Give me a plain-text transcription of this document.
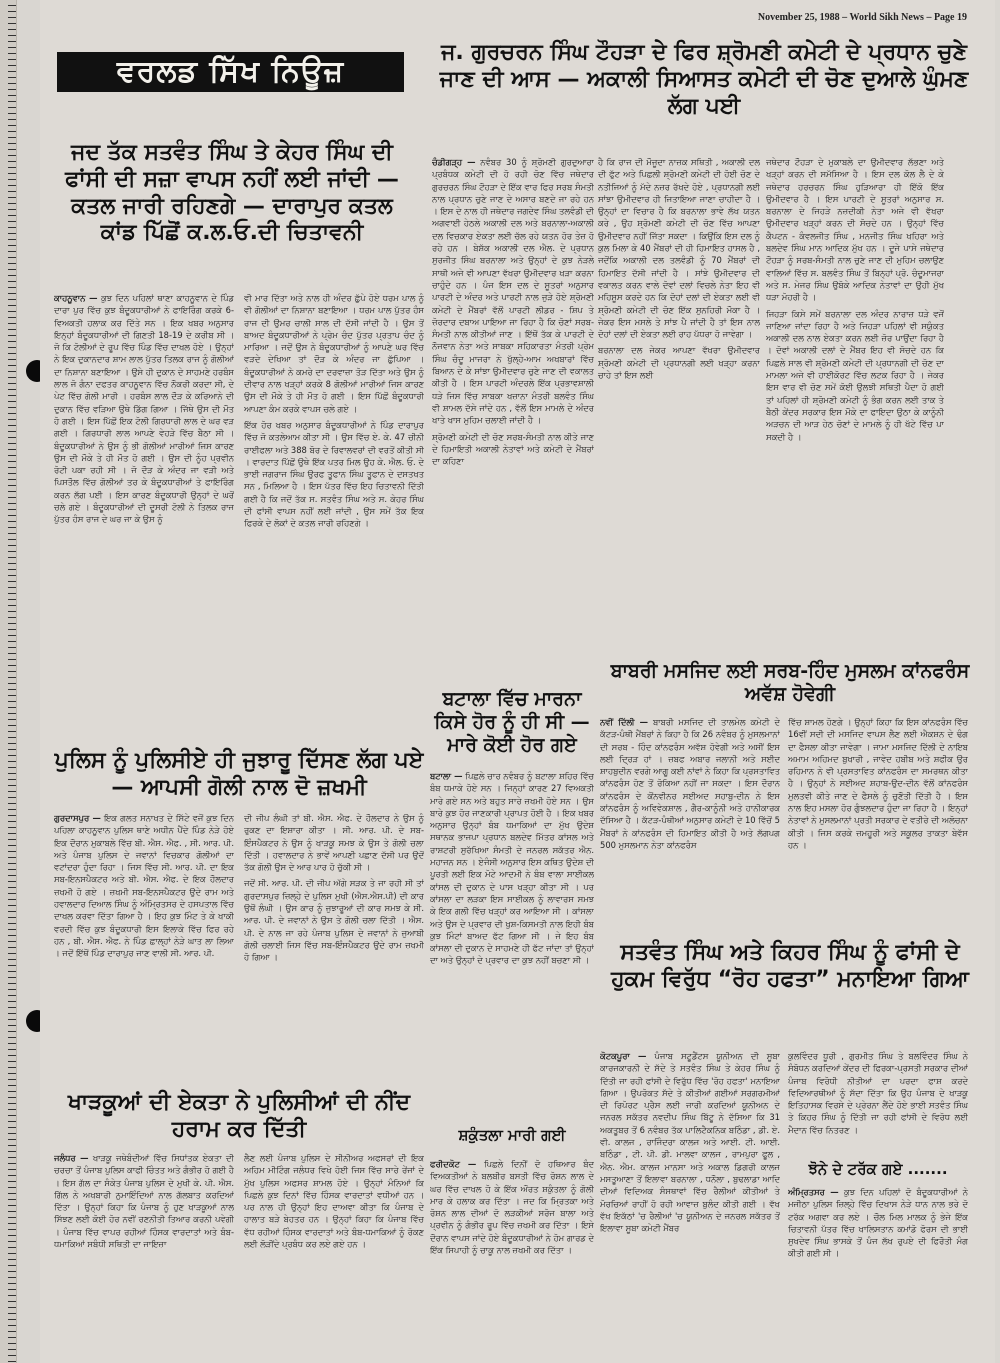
November 25, 1988 – World Sikh News – Page 19
ਵਰਲਡ ਸਿੱਖ ਨਿਊਜ਼
ਜਦ ਤੱਕ ਸਤਵੰਤ ਸਿੰਘ ਤੇ ਕੇਹਰ ਸਿੰਘ ਦੀ ਫਾਂਸੀ ਦੀ ਸਜ਼ਾ ਵਾਪਸ ਨਹੀਂ ਲਈ ਜਾਂਦੀ —ਕਤਲ ਜਾਰੀ ਰਹਿਣਗੇ — ਦਾਰਾਪੁਰ ਕਤਲ ਕਾਂਡ ਪਿੱਛੋਂ ਕ.ਲ.ਓ.ਦੀ ਚਿਤਾਵਨੀ

ਕਾਹਨੂਵਾਨ — ਕੁਝ ਦਿਨ ਪਹਿਲਾਂ ਥਾਣਾ ਕਾਹਨੂਵਾਨ ਦੇ ਪਿੰਡ ਦਾਰਾ ਪੁਰ ਵਿੱਚ ਕੁਝ ਬੰਦੂਕਧਾਰੀਆਂ ਨੇ ਫਾਇਰਿੰਗ ਕਰਕੇ 6-ਵਿਅਕਤੀ ਹਲਾਕ ਕਰ ਦਿੱਤੇ ਸਨ । ਇਕ ਖਬਰ ਅਨੁਸਾਰ ਇਨ੍ਹਾਂ ਬੰਦੂਕਧਾਰੀਆਂ ਦੀ ਗਿਣਤੀ 18-19 ਦੇ ਕਰੀਬ ਸੀ । ਜੋ ਕਿ ਟੋਲੀਆਂ ਦੇ ਰੂਪ ਵਿੱਚ ਪਿੰਡ ਵਿੱਚ ਦਾਖਲ ਹੋਏ । ਉਨ੍ਹਾਂ ਨੇ ਇਕ ਦੁਕਾਨਦਾਰ ਸ਼ਾਮ ਲਾਲ ਪੁੱਤਰ ਤਿਲਕ ਰਾਜ ਨੂੰ ਗੋਲੀਆਂ ਦਾ ਨਿਸ਼ਾਨਾ ਬਣਾਇਆ । ਉਸੇ ਹੀ ਦੁਕਾਨ ਦੇ ਸਾਹਮਣੇ ਹਰਬੰਸ ਲਾਲ ਜੋ ਗੰਨਾ ਦਫਤਰ ਕਾਹਨੂਵਾਨ ਵਿੱਚ ਨੌਕਰੀ ਕਰਦਾ ਸੀ, ਦੇ ਪੇਟ ਵਿੱਚ ਗੋਲੀ ਮਾਰੀ । ਹਰਬੰਸ ਲਾਲ ਦੌੜ ਕੇ ਕਰਿਆਨੇ ਦੀ ਦੁਕਾਨ ਵਿੱਚ ਵੜਿਆ ਉਥੇ ਡਿੱਗ ਗਿਆ । ਜਿੱਥੇ ਉਸ ਦੀ ਮੌਤ ਹੋ ਗਈ । ਇਸ ਪਿੱਛੋਂ ਇਕ ਟੋਲੀ ਗਿਰਧਾਰੀ ਲਾਲ ਦੇ ਘਰ ਵੜ ਗਈ । ਗਿਰਧਾਰੀ ਲਾਲ ਆਪਣੇ ਵੇਹੜੇ ਵਿੱਚ ਬੈਠਾ ਸੀ । ਬੰਦੂਕਧਾਰੀਆਂ ਨੇ ਉਸ ਨੂੰ ਭੀ ਗੋਲੀਆਂ ਮਾਰੀਆਂ ਜਿਸ ਕਾਰਣ ਉਸ ਦੀ ਮੌਕੇ ਤੇ ਹੀ ਮੌਤ ਹੋ ਗਈ । ਉਸ ਦੀ ਨੂੰਹ ਪ੍ਰਵੀਨ ਰੋਟੀ ਪਕਾ ਰਹੀ ਸੀ । ਜੋ ਦੌੜ ਕੇ ਅੰਦਰ ਜਾ ਵੜੀ ਅਤੇ ਪਿਸਤੌਲ ਵਿੱਚ ਗੋਲੀਆਂ ਤਰ ਕੇ ਬੰਦੂਕਧਾਰੀਆਂ ਤੇ ਫਾਇਰਿੰਗ ਕਰਨ ਲੱਗ ਪਈ । ਇਸ ਕਾਰਣ ਬੰਦੂਕਧਾਰੀ ਉਨ੍ਹਾਂ ਦੇ ਘਰੋਂ ਚਲੇ ਗਏ । ਬੰਦੂਕਧਾਰੀਆਂ ਦੀ ਦੂਸਰੀ ਟੋਲੀ ਨੇ ਤਿਲਕ ਰਾਜ ਪੁੱਤਰ ਹੰਸ ਰਾਜ ਦੇ ਘਰ ਜਾ ਕੇ ਉਸ ਨੂੰ

ਵੀ ਮਾਰ ਦਿੱਤਾ ਅਤੇ ਨਾਲ ਹੀ ਅੰਦਰ ਛੁੱਪੇ ਹੋਏ ਧਰਮ ਪਾਲ ਨੂੰ ਵੀ ਗੋਲੀਆਂ ਦਾ ਨਿਸ਼ਾਨਾ ਬਣਾਇਆ । ਧਰਮ ਪਾਲ ਪੁੱਤਰ ਹੰਸ ਰਾਜ ਦੀ ਉਮਰ ਚਾਲੀ ਸਾਲ ਦੀ ਦੱਸੀ ਜਾਂਦੀ ਹੈ । ਉਸ ਤੋਂ ਬਾਅਦ ਬੰਦੂਕਧਾਰੀਆਂ ਨੇ ਪ੍ਰੇਮ ਚੰਦ ਪੁੱਤਰ ਪ੍ਰਤਾਪ ਚੰਦ ਨੂੰ ਮਾਰਿਆ । ਜਦੋਂ ਉਸ ਨੇ ਬੰਦੂਕਧਾਰੀਆਂ ਨੂੰ ਆਪਣੇ ਘਰ ਵਿੱਚ ਵੜਦੇ ਦੇਖਿਆ ਤਾਂ ਦੌੜ ਕੇ ਅੰਦਰ ਜਾ ਛੁੱਪਿਆ । ਬੰਦੂਕਧਾਰੀਆਂ ਨੇ ਕਮਰੇ ਦਾ ਦਰਵਾਜ਼ਾ ਤੋੜ ਦਿੱਤਾ ਅਤੇ ਉਸ ਨੂੰ ਦੀਵਾਰ ਨਾਲ ਖੜ੍ਹਾਂ ਕਰਕੇ 8 ਗੋਲੀਆਂ ਮਾਰੀਆਂ ਜਿਸ ਕਾਰਣ ਉਸ ਦੀ ਮੌਕੇ ਤੇ ਹੀ ਮੌਤ ਹੋ ਗਈ । ਇਸ ਪਿੱਛੋਂ ਬੰਦੂਕਧਾਰੀ ਆਪਣਾ ਕੰਮ ਕਰਕੇ ਵਾਪਸ ਚਲੇ ਗਏ ।

ਇੱਕ ਹੋਰ ਖਬਰ ਅਨੁਸਾਰ ਬੰਦੂਕਧਾਰੀਆਂ ਨੇ ਪਿੰਡ ਦਾਰਾਪੁਰ ਵਿੱਚ ਜੋ ਕਤਲੇਆਮ ਕੀਤਾ ਸੀ । ਉਸ ਵਿੱਚ ਏ. ਕੇ. 47 ਚੀਨੀ ਰਾਈਫਲਾ ਅਤੇ 388 ਬੋਰ ਦੇ ਰਿਵਾਲਵਰਾਂ ਦੀ ਵਰਤੋਂ ਕੀਤੀ ਸੀ । ਵਾਰਦਾਤ ਪਿੱਛੋਂ ਉਥੇ ਇੱਕ ਪਤਰ ਮਿਲ ਉਹ ਕੇ. ਐਲ. ਓ. ਦੇ ਭਾਈ ਜਗਰਾਜ ਸਿੰਘ ਉਰਫ ਤੂਫਾਨ ਸਿੰਘ ਤੂਫਾਨ ਦੇ ਦਸਤਖਤ ਸਨ , ਮਿਲਿਆ ਹੈ । ਇਸ ਪੱਤਰ ਵਿੱਚ ਇਹ ਚਿਤਾਵਨੀ ਦਿੱਤੀ ਗਈ ਹੈ ਕਿ ਜਦੋਂ ਤੱਕ ਸ. ਸਤਵੰਤ ਸਿੰਘ ਅਤੇ ਸ. ਕੇਹਰ ਸਿੰਘ ਦੀ ਫਾਂਸੀ ਵਾਪਸ ਨਹੀਂ ਲਈ ਜਾਂਦੀ , ਉਸ ਸਮੇਂ ਤੱਕ ਇਕ ਫਿਰਕੇ ਦੇ ਲੋਕਾਂ ਦੇ ਕਤਲ ਜਾਰੀ ਰਹਿਣਗੇ ।

ਪੁਲਿਸ ਨੂੰ ਪੁਲਿਸੀਏ ਹੀ ਜੁਝਾਰੂ ਦਿੱਸਣ ਲੱਗ ਪਏ — ਆਪਸੀ ਗੋਲੀ ਨਾਲ ਦੋ ਜ਼ਖਮੀ

ਗੁਰਦਾਸਪੁਰ — ਇਕ ਗਲਤ ਸਨਾਖਤ ਦੇ ਸਿੱਟੇ ਵਜੋਂ ਕੁਝ ਦਿਨ ਪਹਿਲਾ ਕਾਹਨੂਵਾਨ ਪੁਲਿਸ ਥਾਣੇ ਅਧੀਨ ਪੈਂਦੇ ਪਿੰਡ ਨੇੜੇ ਹੋਏ ਇਕ ਦੌਰਾਨ ਮੁਕਾਬਲੇ ਵਿੱਚ ਬੀ. ਐਸ. ਐਫ. , ਸੀ. ਆਰ. ਪੀ. ਅਤੇ ਪੰਜਾਬ ਪੁਲਿਸ ਦੇ ਜਵਾਨਾਂ ਵਿਚਕਾਰ ਗੋਲੀਆਂ ਦਾ ਵਟਾਂਦਰਾ ਹੁੰਦਾ ਰਿਹਾ । ਜਿਸ ਵਿੱਚ ਸੀ. ਆਰ. ਪੀ. ਦਾ ਇਕ ਸਬ-ਇਨਸਪੈਕਟਰ ਅਤੇ ਬੀ. ਐਸ. ਐਫ. ਦੇ ਇਕ ਹੌਲਦਾਰ ਜ਼ਖਮੀ ਹੋ ਗਏ । ਜ਼ਖਮੀ ਸਬ-ਇਨਸਪੈਕਟਰ ਉਦੇ ਰਾਮ ਅਤੇ ਹਵਾਲਦਾਰ ਦਿਆਲ ਸਿੰਘ ਨੂੰ ਅੰਮ੍ਰਿਤਸਰ ਦੇ ਹਸਪਤਾਲ ਵਿੱਚ ਦਾਖਲ ਕਰਵਾ ਦਿੱਤਾ ਗਿਆ ਹੈ । ਇਹ ਕੁਝ ਮਿੰਟ ਤੇ ਕੇ ਖਾਕੀ ਵਰਦੀ ਵਿੱਚ ਕੁਝ ਬੰਦੂਕਧਾਰੀ ਇਸ ਇਲਾਕੇ ਵਿੱਚ ਫਿਰ ਰਹੇ ਹਨ , ਬੀ. ਐਸ. ਐਫ. ਨੇ ਪਿੰਡ ਛਾਲ੍ਹਾਂ ਨੇੜੇ ਘਾਤ ਲਾ ਲਿਆ । ਜਦੋਂ ਇੱਥੋਂ ਪਿੰਡ ਦਾਰਾਪੁਰ ਜਾਣ ਵਾਲੀ ਸੀ. ਆਰ. ਪੀ.

ਦੀ ਜੀਪ ਲੰਘੀ ਤਾਂ ਬੀ. ਐਸ. ਐਫ. ਦੇ ਹੌਲਦਾਰ ਨੇ ਉਸ ਨੂੰ ਰੁਕਣ ਦਾ ਇਸ਼ਾਰਾ ਕੀਤਾ । ਸੀ. ਆਰ. ਪੀ. ਦੇ ਸਬ-ਇੰਸਪੈਕਟਰ ਨੇ ਉਸ ਨੂੰ ਖਾੜਕੂ ਸਮਝ ਕੇ ਉਸ ਤੇ ਗੋਲੀ ਚਲਾ ਦਿੱਤੀ । ਹਵਾਲਦਾਰ ਨੇ ਭਾਵੇਂ ਆਪਣੀ ਪਛਾਣ ਦੱਸੀ ਪਰ ਉਦੋਂ ਤੱਕ ਗੋਲੀ ਉਸ ਦੇ ਆਰ ਪਾਰ ਹੋ ਚੁੱਕੀ ਸੀ ।

ਜਦੋਂ ਸੀ. ਆਰ. ਪੀ. ਦੀ ਜੀਪ ਅੱਗੇ ਸੜਕ ਤੇ ਜਾ ਰਹੀ ਸੀ ਤਾਂ ਗੁਰਦਾਸਪੁਰ ਜ਼ਿਲ੍ਹੇ ਦੇ ਪੁਲਿਸ ਮੁਖੀ (ਐਸ.ਐਸ.ਪੀ) ਦੀ ਕਾਰ ਉਥੋਂ ਲੰਘੀ । ਉਸ ਕਾਰ ਨੂੰ ਜੁਝਾਰੂਆਂ ਦੀ ਕਾਰ ਸਮਝ ਕੇ ਸੀ. ਆਰ. ਪੀ. ਦੇ ਜਵਾਨਾਂ ਨੇ ਉਸ ਤੇ ਗੋਲੀ ਚਲਾ ਦਿੱਤੀ । ਐਸ. ਪੀ. ਦੇ ਨਾਲ ਜਾ ਰਹੇ ਪੰਜਾਬ ਪੁਲਿਸ ਦੇ ਜਵਾਨਾਂ ਨੇ ਜੁਆਬੀ ਗੋਲੀ ਚਲਾਈ ਜਿਸ ਵਿੱਚ ਸਬ-ਇੰਸਪੈਕਟਰ ਉਦੇ ਰਾਮ ਜ਼ਖਮੀ ਹੋ ਗਿਆ ।

ਖਾੜਕੂਆਂ ਦੀ ਏਕਤਾ ਨੇ ਪੁਲਿਸੀਆਂ ਦੀ ਨੀਂਦ ਹਰਾਮ ਕਰ ਦਿੱਤੀ

ਜਲੰਧਰ — ਖਾੜਕੂ ਜਥੇਬੰਦੀਆਂ ਵਿੱਚ ਸਿਧਾਂਤਕ ਏਕਤਾ ਦੀ ਚਰਚਾ ਤੋਂ ਪੰਜਾਬ ਪੁਲਿਸ ਕਾਫੀ ਚਿੰਤਤ ਅਤੇ ਗੰਭੀਰ ਹੋ ਗਈ ਹੈ । ਇਸ ਗੱਲ ਦਾ ਸੰਕੇਤ ਪੰਜਾਬ ਪੁਲਿਸ ਦੇ ਮੁਖੀ ਕੇ. ਪੀ. ਐਸ. ਗਿੱਲ ਨੇ ਅਖਬਾਰੀ ਨੁਮਾਇੰਦਿਆਂ ਨਾਲ ਗੱਲਬਾਤ ਕਰਦਿਆਂ ਦਿੱਤਾ । ਉਨ੍ਹਾਂ ਕਿਹਾ ਕਿ ਪੰਜਾਬ ਨੂੰ ਹੁਣ ਖਾੜਕੂਆਂ ਨਾਲ ਸਿੱਝਣ ਲਈ ਕੋਈ ਹੋਰ ਨਵੀਂ ਰਣਨੀਤੀ ਤਿਆਰ ਕਰਨੀ ਪਵੇਗੀ । ਪੰਜਾਬ ਵਿੱਚ ਵਾਪਰ ਰਹੀਆਂ ਹਿੰਸਕ ਵਾਰਦਾਤਾਂ ਅਤੇ ਬੰਬ-ਧਮਾਕਿਆਂ ਸਬੰਧੀ ਸਥਿਤੀ ਦਾ ਜਾਇਜ਼ਾ

ਲੈਣ ਲਈ ਪੰਜਾਬ ਪੁਲਿਸ ਦੇ ਸੀਨੀਅਰ ਅਫਸਰਾਂ ਦੀ ਇਕ ਅਹਿਮ ਮੀਟਿੰਗ ਜਲੰਧਰ ਵਿਖੇ ਹੋਈ ਜਿਸ ਵਿੱਚ ਸਾਰੇ ਰੇਂਜਾਂ ਦੇ ਮੁੱਖ ਪੁਲਿਸ ਅਫਸਰ ਸ਼ਾਮਲ ਹੋਏ । ਉਨ੍ਹਾਂ ਮੰਨਿਆਂ ਕਿ ਪਿਛਲੇ ਕੁਝ ਦਿਨਾਂ ਵਿੱਚ ਹਿੰਸਕ ਵਾਰਦਾਤਾਂ ਵਧੀਆਂ ਹਨ । ਪਰ ਨਾਲ ਹੀ ਉਨ੍ਹਾਂ ਇਹ ਦਾਅਵਾ ਕੀਤਾ ਕਿ ਪੰਜਾਬ ਦੇ ਹਾਲਾਤ ਬੜੇ ਬੇਹਤਰ ਹਨ । ਉਨ੍ਹਾਂ ਕਿਹਾ ਕਿ ਪੰਜਾਬ ਵਿੱਚ ਵੱਧ ਰਹੀਆਂ ਹਿੰਸਕ ਵਾਰਦਾਤਾਂ ਅਤੇ ਬੰਬ-ਧਮਾਕਿਆਂ ਨੂੰ ਰੋਕਣ ਲਈ ਲੋੜੀਂਦੇ ਪ੍ਰਬੰਧ ਕਰ ਲਏ ਗਏ ਹਨ ।

ਜ. ਗੁਰਚਰਨ ਸਿੰਘ ਟੌਹੜਾ ਦੇ ਫਿਰ ਸ਼੍ਰੋਮਣੀ ਕਮੇਟੀ ਦੇ ਪ੍ਰਧਾਨ ਚੁਣੇ ਜਾਣ ਦੀ ਆਸ — ਅਕਾਲੀ ਸਿਆਸਤ ਕਮੇਟੀ ਦੀ ਚੋਣ ਦੁਆਲੇ ਘੁੰਮਣ ਲੱਗ ਪਈ

ਚੰਡੀਗੜ੍ਹ — ਨਵੰਬਰ 30 ਨੂੰ ਸ਼੍ਰੋਮਣੀ ਗੁਰਦੁਆਰਾ ਪ੍ਰਬੰਧਕ ਕਮੇਟੀ ਦੀ ਹੋ ਰਹੀ ਚੋਣ ਵਿੱਚ ਜਥੇਦਾਰ ਗੁਰਚਰਨ ਸਿੰਘ ਟੌਹੜਾ ਦੇ ਇੱਕ ਵਾਰ ਫਿਰ ਸਰਬ ਸੰਮਤੀ ਨਾਲ ਪ੍ਰਧਾਨ ਚੁਣੇ ਜਾਣ ਦੇ ਅਸਾਰ ਬਣਦੇ ਜਾ ਰਹੇ ਹਨ । ਇਸ ਦੇ ਨਾਲ ਹੀ ਜਥੇਦਾਰ ਜਗਦੇਵ ਸਿੰਘ ਤਲਵੰਡੀ ਦੀ ਅਗਵਾਈ ਹੇਠਲੇ ਅਕਾਲੀ ਦਲ ਅਤੇ ਬਰਨਾਲਾ-ਅਕਾਲੀ ਦਲ ਵਿਚਕਾਰ ਏਕਤਾ ਲਈ ਚੱਲ ਰਹੇ ਯਤਨ ਹੋਰ ਤੇਜ਼ ਹੋ ਰਹੇ ਹਨ । ਬੇਸ਼ੱਕ ਅਕਾਲੀ ਦਲ ਐਲ. ਦੇ ਪ੍ਰਧਾਨ ਸੁਰਜੀਤ ਸਿੰਘ ਬਰਨਾਲਾ ਅਤੇ ਉਨ੍ਹਾਂ ਦੇ ਕੁਝ ਨੇੜਲੇ ਸਾਥੀ ਅਜੇ ਵੀ ਆਪਣਾ ਵੱਖਰਾ ਉਮੀਦਵਾਰ ਖੜਾ ਕਰਨਾ ਚਾਹੁੰਦੇ ਹਨ । ਪੰਜ ਇਸ ਦਲ ਦੇ ਸੂਤਰਾਂ ਅਨੁਸਾਰ ਪਾਰਟੀ ਦੇ ਅੰਦਰ ਅਤੇ ਪਾਰਟੀ ਨਾਲ ਜੁੜੇ ਹੋਏ ਸ਼੍ਰੋਮਣੀ ਕਮੇਟੀ ਦੇ ਮੈਂਬਰਾਂ ਵੱਲੋਂ ਪਾਰਟੀ ਲੀਡਰ - ਸ਼ਿਪ ਤੇ ਜ਼ੋਰਦਾਰ ਦਬਾਅ ਪਾਇਆ ਜਾ ਰਿਹਾ ਹੈ ਕਿ ਚੋਣਾਂ ਸਰਬ-ਸੰਮਤੀ ਨਾਲ ਕੀਤੀਆਂ ਜਾਣ । ਇੱਥੋਂ ਤੱਕ ਕੇ ਪਾਰਟੀ ਦੇ ਨੌਜਵਾਨ ਨੇਤਾ ਅਤੇ ਸਾਬਕਾ ਸਹਿਕਾਰਤਾ ਮੰਤਰੀ ਪ੍ਰੇਮ ਸਿੰਘ ਚੰਦੂ ਮਾਜਰਾ ਨੇ ਖੁੱਲ੍ਹੇ-ਆਮ ਅਖਬਾਰਾਂ ਵਿੱਚ ਬਿਆਨ ਦੇ ਕੇ ਸਾਂਝਾ ਉਮੀਦਵਾਰ ਚੁਣੇ ਜਾਣ ਦੀ ਵਕਾਲਤ ਕੀਤੀ ਹੈ । ਇਸ ਪਾਰਟੀ ਅੰਦਰਲੇ ਇੱਕ ਪ੍ਰਭਾਵਸ਼ਾਲੀ ਧੜੇ ਜਿਸ ਵਿੱਚ ਸਾਬਕਾ ਖਜ਼ਾਨਾ ਮੰਤਰੀ ਬਲਵੰਤ ਸਿੰਘ ਵੀ ਸ਼ਾਮਲ ਦੱਸੇ ਜਾਂਦੇ ਹਨ , ਵੱਲੋਂ ਇਸ ਮਾਮਲੇ ਦੇ ਅੰਦਰ ਖਾਤੇ ਖਾਸ ਮੁਹਿਮ ਚਲਾਈ ਜਾਂਦੀ ਹੈ ।

ਸ਼੍ਰੋਮਣੀ ਕਮੇਟੀ ਦੀ ਚੋਣ ਸਰਬ-ਸੰਮਤੀ ਨਾਲ ਕੀਤੇ ਜਾਣ ਦੇ ਹਿਮਾਇਤੀ ਅਕਾਲੀ ਨੇਤਾਵਾਂ ਅਤੇ ਕਮੇਟੀ ਦੇ ਮੈਂਬਰਾਂ ਦਾ ਕਹਿਣਾ

ਹੈ ਕਿ ਰਾਜ ਦੀ ਮੌਜੂਦਾ ਨਾਜ਼ਕ ਸਥਿਤੀ , ਅਕਾਲੀ ਦਲ ਦੀ ਫੁੱਟ ਅਤੇ ਪਿਛਲੀ ਸ਼੍ਰੋਮਣੀ ਕਮੇਟੀ ਦੀ ਹੋਈ ਚੋਣ ਦੇ ਨਤੀਜਿਆਂ ਨੂੰ ਮੱਦੇ ਨਜ਼ਰ ਰੱਖਦੇ ਹੋਏ , ਪ੍ਰਧਾਨਗੀ ਲਈ ਸਾਂਝਾ ਉਮੀਦਵਾਰ ਹੀ ਜਿਤਾਇਆ ਜਾਣਾ ਚਾਹੀਦਾ ਹੈ । ਉਨ੍ਹਾਂ ਦਾ ਵਿਚਾਰ ਹੈ ਕਿ ਬਰਨਾਲਾ ਭਾਵੇ ਲੱਖ ਯਤਨ ਕਰੇ , ਉਹ ਸ਼੍ਰੋਮਣੀ ਕਮੇਟੀ ਦੀ ਚੋਣ ਵਿੱਚ ਆਪਣਾ ਉਮੀਦਵਾਰ ਨਹੀਂ ਜਿੱਤਾ ਸਕਦਾ । ਕਿਉਂਕਿ ਇਸ ਦਲ ਨੂੰ ਕੁਲ ਮਿਲਾ ਕੇ 40 ਮੈਂਬਰਾਂ ਦੀ ਹੀ ਹਿਮਾਇਤ ਹਾਸਲ ਹੈ , ਜਦੋਂਕਿ ਅਕਾਲੀ ਦਲ ਤਲਵੰਡੀ ਨੂੰ 70 ਮੈਂਬਰਾਂ ਦੀ ਹਿਮਾਇਤ ਦੱਸੀ ਜਾਂਦੀ ਹੈ । ਸਾਂਝੇ ਉਮੀਦਵਾਰ ਦੀ ਵਕਾਲਤ ਕਰਨ ਵਾਲੇ ਦੋਵਾਂ ਦਲਾਂ ਵਿਚਲੇ ਨੇਤਾ ਇਹ ਵੀ ਮਹਿਸੂਸ ਕਰਦੇ ਹਨ ਕਿ ਦੋਹਾਂ ਦਲਾਂ ਦੀ ਏਕਤਾ ਲਈ ਵੀ ਸ਼੍ਰੋਮਣੀ ਕਮੇਟੀ ਦੀ ਚੋਣ ਇੱਕ ਸੁਨਹਿਰੀ ਮੌਕਾ ਹੈ । ਜੇਕਰ ਇਸ ਮਸਲੇ ਤੇ ਸਾਂਝ ਪੈ ਜਾਂਦੀ ਹੈ ਤਾਂ ਇਸ ਨਾਲ ਦੋਹਾਂ ਦਲਾਂ ਦੀ ਏਕਤਾ ਲਈ ਰਾਹ ਪੱਧਰਾ ਹੋ ਜਾਵੇਗਾ ।

ਬਰਨਾਲਾ ਦਲ ਜੇਕਰ ਆਪਣਾ ਵੱਖਰਾ ਉਮੀਦਵਾਰ ਸ਼੍ਰੋਮਣੀ ਕਮੇਟੀ ਦੀ ਪ੍ਰਧਾਨਗੀ ਲਈ ਖੜ੍ਹਾ ਕਰਨਾ ਚਾਹੇ ਤਾਂ ਇਸ ਲਈ

ਜਥੇਦਾਰ ਟੌਹੜਾ ਦੇ ਮੁਕਾਬਲੇ ਦਾ ਉਮੀਦਵਾਰ ਲੱਭਣਾ ਅਤੇ ਖੜ੍ਹਾਂ ਕਰਨ ਦੀ ਸਮੱਸਿਆ ਹੈ । ਇਸ ਦਲ ਕੋਲ ਲੈ ਦੇ ਕੇ ਜਥੇਦਾਰ ਹਰਚਰਨ ਸਿੰਘ ਹੁੜਿਆਰਾ ਹੀ ਇੱਕੋ ਇੱਕ ਉਮੀਦਵਾਰ ਹੈ । ਇਸ ਪਾਰਟੀ ਦੇ ਸੂਤਰਾਂ ਅਨੁਸਾਰ ਸ. ਬਰਨਾਲਾ ਦੇ ਜਿਹੜੇ ਨਜ਼ਦੀਕੀ ਨੇਤਾ ਅਜੇ ਵੀ ਵੱਖਰਾ ਉਮੀਦਵਾਰ ਖੜ੍ਹਾਂ ਕਰਨ ਦੀ ਸੋਚਦੇ ਹਨ । ਉਨ੍ਹਾਂ ਵਿੱਚ ਕੈਪਟਨ - ਕੰਵਲਜੀਤ ਸਿੰਘ , ਮਨਜੀਤ ਸਿੰਘ ਖਹਿਰਾ ਅਤੇ ਬਲਦੇਵ ਸਿੰਘ ਮਾਨ ਆਦਿਕ ਮੁੱਖ ਹਨ । ਦੂਜੇ ਪਾਸੇ ਜਥੇਦਾਰ ਟੌਹੜਾ ਨੂੰ ਸਰਬ-ਸੰਮਤੀ ਨਾਲ ਚੁਣੇ ਜਾਣ ਦੀ ਮੁਹਿਮ ਚਲਾਉਣ ਵਾਲਿਆਂ ਵਿੱਚ ਸ. ਬਲਵੰਤ ਸਿੰਘ ਤੋਂ ਬਿਨ੍ਹਾਂ ਪ੍ਰੋ. ਚੰਦੂਮਾਜਰਾ ਅਤੇ ਸ. ਮੇਜਰ ਸਿੰਘ ਉਬੋਕੇ ਆਦਿਕ ਨੇਤਾਵਾਂ ਦਾ ਉਹੀ ਮੁੱਖ ਧੜਾ ਮੋਹਰੀ ਹੈ ।

ਜਿਹੜਾ ਕਿਸੇ ਸਮੇਂ ਬਰਨਾਲਾ ਦਲ ਅੰਦਰ ਨਾਰਾਜ਼ ਧੜੇ ਵਜੋਂ ਜਾਣਿਆ ਜਾਂਦਾ ਰਿਹਾ ਹੈ ਅਤੇ ਜਿਹੜਾ ਪਹਿਲਾਂ ਵੀ ਸਯੁੰਕਤ ਅਕਾਲੀ ਦਲ ਨਾਲ ਏਕਤਾ ਕਰਨ ਲਈ ਜ਼ੋਰ ਪਾਉਂਦਾ ਰਿਹਾ ਹੈ । ਦੋਵਾਂ ਅਕਾਲੀ ਦਲਾਂ ਦੇ ਮੈਂਬਰ ਇਹ ਵੀ ਸੋਚਦੇ ਹਨ ਕਿ ਪਿਛਲੇ ਸਾਲ ਵੀ ਸ਼੍ਰੋਮਣੀ ਕਮੇਟੀ ਦੀ ਪ੍ਰਧਾਨਗੀ ਦੀ ਚੋਣ ਦਾ ਮਾਮਲਾ ਅਜੇ ਵੀ ਹਾਈਕੋਰਟ ਵਿੱਚ ਲਟਕ ਰਿਹਾ ਹੈ । ਜੇਕਰ ਇਸ ਵਾਰ ਵੀ ਚੋਣ ਸਮੇਂ ਕੋਈ ਉਲਝੀ ਸਥਿਤੀ ਪੈਦਾ ਹੋ ਗਈ ਤਾਂ ਪਹਿਲਾਂ ਹੀ ਸ਼੍ਰੋਮਣੀ ਕਮੇਟੀ ਨੂੰ ਭੰਗ ਕਰਨ ਲਈ ਤਾਕ ਤੇ ਬੈਠੀ ਕੇਂਦਰ ਸਰਕਾਰ ਇਸ ਮੌਕੇ ਦਾ ਫਾਇਦਾ ਉਠਾ ਕੇ ਕਾਨੂੰਨੀ ਅੜਚਨ ਦੀ ਆੜ ਹੇਠ ਚੋਣਾਂ ਦੇ ਮਾਮਲੇ ਨੂੰ ਹੀ ਖੱਟੇ ਵਿੱਚ ਪਾ ਸਕਦੀ ਹੈ ।

ਬਟਾਲਾ ਵਿੱਚ ਮਾਰਨਾ ਕਿਸੇ ਹੋਰ ਨੂੰ ਹੀ ਸੀ — ਮਾਰੇ ਕੋਈ ਹੋਰ ਗਏ

ਬਟਾਲਾ — ਪਿਛਲੇ ਚਾਰ ਨਵੰਬਰ ਨੂੰ ਬਟਾਲਾ ਸ਼ਹਿਰ ਵਿੱਚ ਬੰਬ ਧਮਾਕੇ ਹੋਏ ਸਨ । ਜਿਨ੍ਹਾਂ ਕਾਰਣ 27 ਵਿਅਕਤੀ ਮਾਰੇ ਗਏ ਸਨ ਅਤੇ ਬਹੁਤ ਸਾਰੇ ਜ਼ਖਮੀ ਹੋਏ ਸਨ । ਉਸ ਬਾਰੇ ਕੁਝ ਹੋਰ ਜਾਣਕਾਰੀ ਪ੍ਰਾਪਤ ਹੋਈ ਹੈ । ਇਕ ਖਬਰ ਅਨੁਸਾਰ ਉਨ੍ਹਾਂ ਬੰਬ ਧਮਾਕਿਆਂ ਦਾ ਮੁੱਖ ਉਦੇਸ਼ ਸਥਾਨਕ ਭਾਜਪਾ ਪ੍ਰਧਾਨ ਬਲਦੇਵ ਮਿੱਤਰ ਕਾਂਸਲ ਅਤੇ ਰਾਸ਼ਟਰੀ ਸੁਰੱਖਿਆ ਸੰਮਤੀ ਦੇ ਜਨਰਲ ਸਕੱਤਰ ਐਨ. ਮਹਾਜਨ ਸਨ । ਏਜੰਸੀ ਅਨੁਸਾਰ ਇਸ ਕਥਿਤ ਉਦੇਸ਼ ਦੀ ਪੂਰਤੀ ਲਈ ਇਕ ਮੋਟੇ ਆਦਮੀ ਨੇ ਬੰਬ ਵਾਲਾ ਸਾਈਕਲ ਕਾਂਸਲ ਦੀ ਦੁਕਾਨ ਦੇ ਪਾਸ ਖੜ੍ਹਾ ਕੀਤਾ ਸੀ । ਪਰ ਕਾਂਸਲਾ ਦਾ ਲੜਕਾ ਇਸ ਸਾਈਕਲ ਨੂੰ ਲਾਵਾਰਸ ਸਮਝ ਕੇ ਇਕ ਗਲੀ ਵਿੱਚ ਖੜ੍ਹਾਂ ਕਰ ਆਇਆ ਸੀ । ਕਾਂਸਲਾ ਅਤੇ ਉਸ ਦੇ ਪ੍ਰਵਾਰ ਦੀ ਖੁਸ਼-ਕਿਸਮਤੀ ਨਾਲ ਇਹੀ ਬੰਬ ਕੁਝ ਮਿੰਟਾਂ ਬਾਅਦ ਫੱਟ ਗਿਆ ਸੀ । ਜੇ ਇਹ ਬੰਬ ਕਾਂਸਲਾ ਦੀ ਦੁਕਾਨ ਦੇ ਸਾਹਮਣੇ ਹੀ ਫੱਟ ਜਾਂਦਾ ਤਾਂ ਉਨ੍ਹਾਂ ਦਾ ਅਤੇ ਉਨ੍ਹਾਂ ਦੇ ਪ੍ਰਵਾਰ ਦਾ ਕੁਝ ਨਹੀਂ ਬਚਣਾ ਸੀ ।

ਬਾਬਰੀ ਮਸਜਿਦ ਲਈ ਸਰਬ-ਹਿੰਦ ਮੁਸਲਮ ਕਾਂਨਫਰੰਸ ਅਵੱਸ਼ ਹੋਵੇਗੀ

ਨਵੀਂ ਦਿੱਲੀ — ਬਾਬਰੀ ਮਸਜਿਦ ਦੀ ਤਾਲਮੇਲ ਕਮੇਟੀ ਦੇ ਕੱਟੜ-ਪੰਥੀ ਮੈਂਬਰਾਂ ਨੇ ਕਿਹਾ ਹੈ ਕਿ 26 ਨਵੰਬਰ ਨੂੰ ਮੁਸਲਮਾਨਾਂ ਦੀ ਸਰਬ - ਹਿੰਦ ਕਾਂਨਫਰੰਸ ਅਵੱਸ਼ ਹੋਵੇਗੀ ਅਤੇ ਅਸੀਂ ਇਸ ਲਈ ਦ੍ਰਿੜ ਹਾਂ । ਜ਼ਬਫ ਅਬਾਰ ਜਲਾਨੀ ਅਤੇ ਸਈਦ ਸ਼ਾਹਬੁਦੀਨ ਵਰਗੇ ਆਗੂ ਕਈ ਨਾਂਵਾਂ ਨੇ ਕਿਹਾ ਕਿ ਪ੍ਰਸਤਾਵਿਤ ਕਾਂਨਫਰੰਸ ਹੋਣ ਤੋਂ ਰੋਕਿਆ ਨਹੀਂ ਜਾ ਸਕਦਾ । ਇਸ ਦੌਰਾਨ ਕਾਂਨਫਰੰਸ ਦੇ ਕੋਂਨਵੀਨਰ ਸਈਅਦ ਸਹਾਬੁ-ਦੀਨ ਨੇ ਇਸ ਕਾਂਨਫਰੰਸ ਨੂੰ ਅਵਿਵੇਕਸ਼ਾਲ , ਗੈਰ-ਕਾਨੂੰਨੀ ਅਤੇ ਹਾਨੀਕਾਰਕ ਦੱਸਿਆ ਹੈ । ਕੱਟੜ-ਪੰਥੀਆਂ ਅਨੁਸਾਰ ਕਮੇਟੀ ਦੇ 10 ਵਿੱਚੋਂ 5 ਮੈਂਬਰਾਂ ਨੇ ਕਾਂਨਫਰੰਸ ਦੀ ਹਿਮਾਇਤ ਕੀਤੀ ਹੈ ਅਤੇ ਲੱਗਪਗ 500 ਮੁਸਲਮਾਨ ਨੇਤਾ ਕਾਂਨਫਰੰਸ

ਵਿੱਚ ਸ਼ਾਮਲ ਹੋਣਗੇ । ਉਨ੍ਹਾਂ ਕਿਹਾ ਕਿ ਇਸ ਕਾਂਨਫਰੰਸ ਵਿੱਚ 16ਵੀਂ ਸਦੀ ਦੀ ਮਸਜਿਦ ਵਾਪਸ ਲੈਣ ਲਈ ਐਕਸ਼ਨ ਦੇ ਢੰਗ ਦਾ ਫੈਸਲਾ ਕੀਤਾ ਜਾਵੇਗਾ । ਜਾਮਾ ਮਸਜਿਦ ਦਿੱਲੀ ਦੇ ਨਾਇਬ ਅਮਾਮ ਅਹਿਮਦ ਬੁਖਾਰੀ , ਜਾਵੇਦ ਹਬੀਬ ਅਤੇ ਸ਼ਫੀਕ ਉਰ ਰਹਿਮਾਨ ਨੇ ਵੀ ਪ੍ਰਸਤਾਵਿਤ ਕਾਂਨਫਰੰਸ ਦਾ ਸਮਰਥਨ ਕੀਤਾ ਹੈ । ਉਨ੍ਹਾਂ ਨੇ ਸਈਅਦ ਸ਼ਹਾਬ-ਉਦ-ਦੀਨ ਵੱਲੋਂ ਕਾਂਨਫਰੰਸ ਮੁਲਤਵੀ ਕੀਤੇ ਜਾਣ ਦੇ ਫੈਸਲੇ ਨੂੰ ਚੁਣੌਤੀ ਦਿੱਤੀ ਹੈ । ਇਸ ਨਾਲ ਇਹ ਮਸਲਾ ਹੋਰ ਗੁੰਝਲਦਾਰ ਹੁੰਦਾ ਜਾ ਰਿਹਾ ਹੈ । ਇਨ੍ਹਾਂ ਨੇਤਾਵਾਂ ਨੇ ਮੁਸਲਮਾਨਾਂ ਪ੍ਰਤੀ ਸਰਕਾਰ ਦੇ ਵਤੀਰੇ ਦੀ ਅਲੋਚਨਾ ਕੀਤੀ । ਜਿਸ ਕਰਕੇ ਜ਼ਮਹੂਰੀ ਅਤੇ ਸਕੂਲਰ ਤਾਕਤਾ ਬੇਵੱਸ ਹਨ ।

ਸਤਵੰਤ ਸਿੰਘ ਅਤੇ ਕਿਹਰ ਸਿੰਘ ਨੂੰ ਫਾਂਸੀ ਦੇ ਹੁਕਮ ਵਿਰੁੱਧ “ਰੋਹ ਹਫਤਾ” ਮਨਾਇਆ ਗਿਆ

ਕੋਟਕਪੂਰਾ — ਪੰਜਾਬ ਸਟੂਡੈਂਟਸ ਯੂਨੀਅਨ ਦੀ ਸੂਬਾ ਕਾਰਜਕਾਰਨੀ ਦੇ ਸੱਦੇ ਤੇ ਸਤਵੰਤ ਸਿੰਘ ਤੇ ਕੇਹਰ ਸਿੰਘ ਨੂੰ ਦਿੱਤੀ ਜਾ ਰਹੀ ਫਾਂਸੀ ਦੇ ਵਿਰੁੱਧ ਵਿੱਚ 'ਰੋਹ ਹਫਤਾ' ਮਨਾਇਆ ਗਿਆ । ਉਪਰੋਕਤ ਸੱਦੇ ਤੇ ਕੀਤੀਆਂ ਗਈਆਂ ਸਰਗਰਮੀਆਂ ਦੀ ਰਿਪੋਰਟ ਪ੍ਰੈਸ ਲਈ ਜਾਰੀ ਕਰਦਿਆਂ ਯੂਨੀਅਨ ਦੇ ਜਨਰਲ ਸਕੱਤਰ ਨਵਦੀਪ ਸਿੰਘ ਬਿੱਟੂ ਨੇ ਦੱਸਿਆ ਕਿ 31 ਅਕਤੂਬਰ ਤੋਂ 6 ਨਵੰਬਰ ਤੱਕ ਪਾਲਿਟੈਕਨਿਕ ਬਠਿੰਡਾ , ਡੀ. ਏ. ਵੀ. ਕਾਲਜ , ਰਾਜਿੰਦਰਾ ਕਾਲਜ ਅਤੇ ਆਈ. ਟੀ. ਆਈ. ਬਠਿੰਡਾ , ਟੀ. ਪੀ. ਡੀ. ਮਾਲਵਾ ਕਾਲਜ , ਰਾਮਪੁਰਾ ਫੂਲ , ਐਨ. ਐਮ. ਕਾਲਜ ਮਾਨਸਾ ਅਤੇ ਅਕਾਲ ਡਿਗਰੀ ਕਾਲਜ ਮਸਤੂਆਣਾ ਤੋਂ ਇਲਾਵਾ ਬਰਨਾਲਾ , ਧਨੌਲਾ , ਬੁਢਲਾਡਾ ਆਦਿ ਦੀਆਂ ਵਿਦਿਅਕ ਸੰਸਥਾਵਾਂ ਵਿੱਚ ਰੈਲੀਆਂ ਕੀਤੀਆਂ ਤੇ ਮੋਰਚਿਆਂ ਰਾਹੀਂ ਹੋ ਰਹੀ ਆਵਾਜ਼ ਬੁਲੰਦ ਕੀਤੀ ਗਈ । ਵੱਖ ਵੱਖ ਇਕੱਠਾਂ 'ਚ ਰੈਲੀਆਂ 'ਚ ਯੂਨੀਅਨ ਦੇ ਜਨਰਲ ਸਕੱਤਰ ਤੋਂ ਇਲਾਵਾ ਸੂਬਾ ਕਮੇਟੀ ਮੈਂਬਰ

ਕੁਲਵਿੰਦਰ ਧੂਰੀ , ਗੁਰਮੀਤ ਸਿੰਘ ਤੇ ਬਲਵਿੰਦਰ ਸਿੰਘ ਨੇ ਸੰਬੋਧਨ ਕਰਦਿਆਂ ਕੇਂਦਰ ਦੀ ਫਿਰਕਾ-ਪ੍ਰਸਤੀ ਸਰਕਾਰ ਦੀਆਂ ਪੰਜਾਬ ਵਿਰੋਧੀ ਨੀਤੀਆਂ ਦਾ ਪਰਦਾ ਫਾਸ਼ ਕਰਦੇ ਵਿਦਿਆਰਥੀਆਂ ਨੂੰ ਸੱਦਾ ਦਿੱਤਾ ਕਿ ਉਹ ਪੰਜਾਬ ਦੇ ਖਾੜਕੂ ਇਤਿਹਾਸਕ ਵਿਰਸੇ ਦੇ ਪ੍ਰੇਰਨਾ ਲੈਂਦੇ ਹੋਏ ਭਾਈ ਸਤਵੰਤ ਸਿੰਘ ਤੇ ਕਿਹਰ ਸਿੰਘ ਨੂੰ ਦਿੱਤੀ ਜਾ ਰਹੀ ਫਾਂਸੀ ਦੇ ਵਿਰੋਧ ਲਈ ਮੈਦਾਨ ਵਿੱਚ ਨਿਤਰਣ ।

ਸ਼ਕੁੰਤਲਾ ਮਾਰੀ ਗਈ

ਫਰੀਦਕੋਟ — ਪਿਛਲੇ ਦਿਨੀਂ ਦੋ ਹਥਿਆਰ ਬੰਦ ਵਿਅਕਤੀਆਂ ਨੇ ਬਲਬੀਰ ਬਸਤੀ ਵਿੱਚ ਰੋਸ਼ਨ ਲਾਲ ਦੇ ਘਰ ਵਿੱਚ ਦਾਖਲ ਹੋ ਕੇ ਇੱਕ ਔਰਤ ਸ਼ਕੁੰਤਲਾ ਨੂੰ ਗੋਲੀ ਮਾਰ ਕੇ ਹਲਾਕ ਕਰ ਦਿੱਤਾ । ਜਦ ਕਿ ਮ੍ਰਿਤਕਾ ਅਤੇ ਰੋਸ਼ਨ ਲਾਲ ਦੀਆਂ ਦੋ ਲੜਕੀਆਂ ਸਰੋਜ ਬਾਲਾ ਅਤੇ ਪ੍ਰਵੀਨ ਨੂੰ ਗੰਭੀਰ ਰੂਪ ਵਿੱਚ ਜ਼ਖਮੀ ਕਰ ਦਿੱਤਾ । ਇਸੇ ਦੌਰਾਨ ਵਾਪਸ ਜਾਂਦੇ ਹੋਏ ਬੰਦੂਕਧਾਰੀਆਂ ਨੇ ਹੋਮ ਗਾਰਡ ਦੇ ਇੱਕ ਸਿਪਾਹੀ ਨੂੰ ਚਾਕੂ ਨਾਲ ਜ਼ਖਮੀ ਕਰ ਦਿੱਤਾ ।

ਝੋਨੇ ਦੇ ਟਰੱਕ ਗਏ .......

ਅੰਮ੍ਰਿਤਸਰ — ਕੁਝ ਦਿਨ ਪਹਿਲਾਂ ਦੋ ਬੰਦੂਕਧਾਰੀਆਂ ਨੇ ਮਜੀਠਾ ਪੁਲਿਸ ਜ਼ਿਲ੍ਹੇ ਵਿੱਚ ਦਿਖਾਸ ਨੇੜੇ ਧਾਨ ਨਾਲ ਭਰੇ ਦੋ ਟਰੱਕ ਅਗਵਾ ਕਰ ਲਏ । ਚੌਲ ਮਿਲ ਮਾਲਕ ਨੂੰ ਭੇਜੇ ਇੱਕ ਚਿਤਾਵਨੀ ਪੱਤਰ ਵਿੱਚ ਖਾਲਿਸਤਾਨ ਕਮਾਂਡੋ ਫੋਰਸ ਦੀ ਭਾਈ ਸੁਖਦੇਵ ਸਿੰਘ ਭਾਸਕੇ ਤੋਂ ਪੰਜ ਲੱਖ ਰੁਪਏ ਦੀ ਫਿਰੌਤੀ ਮੰਗ ਕੀਤੀ ਗਈ ਸੀ ।
